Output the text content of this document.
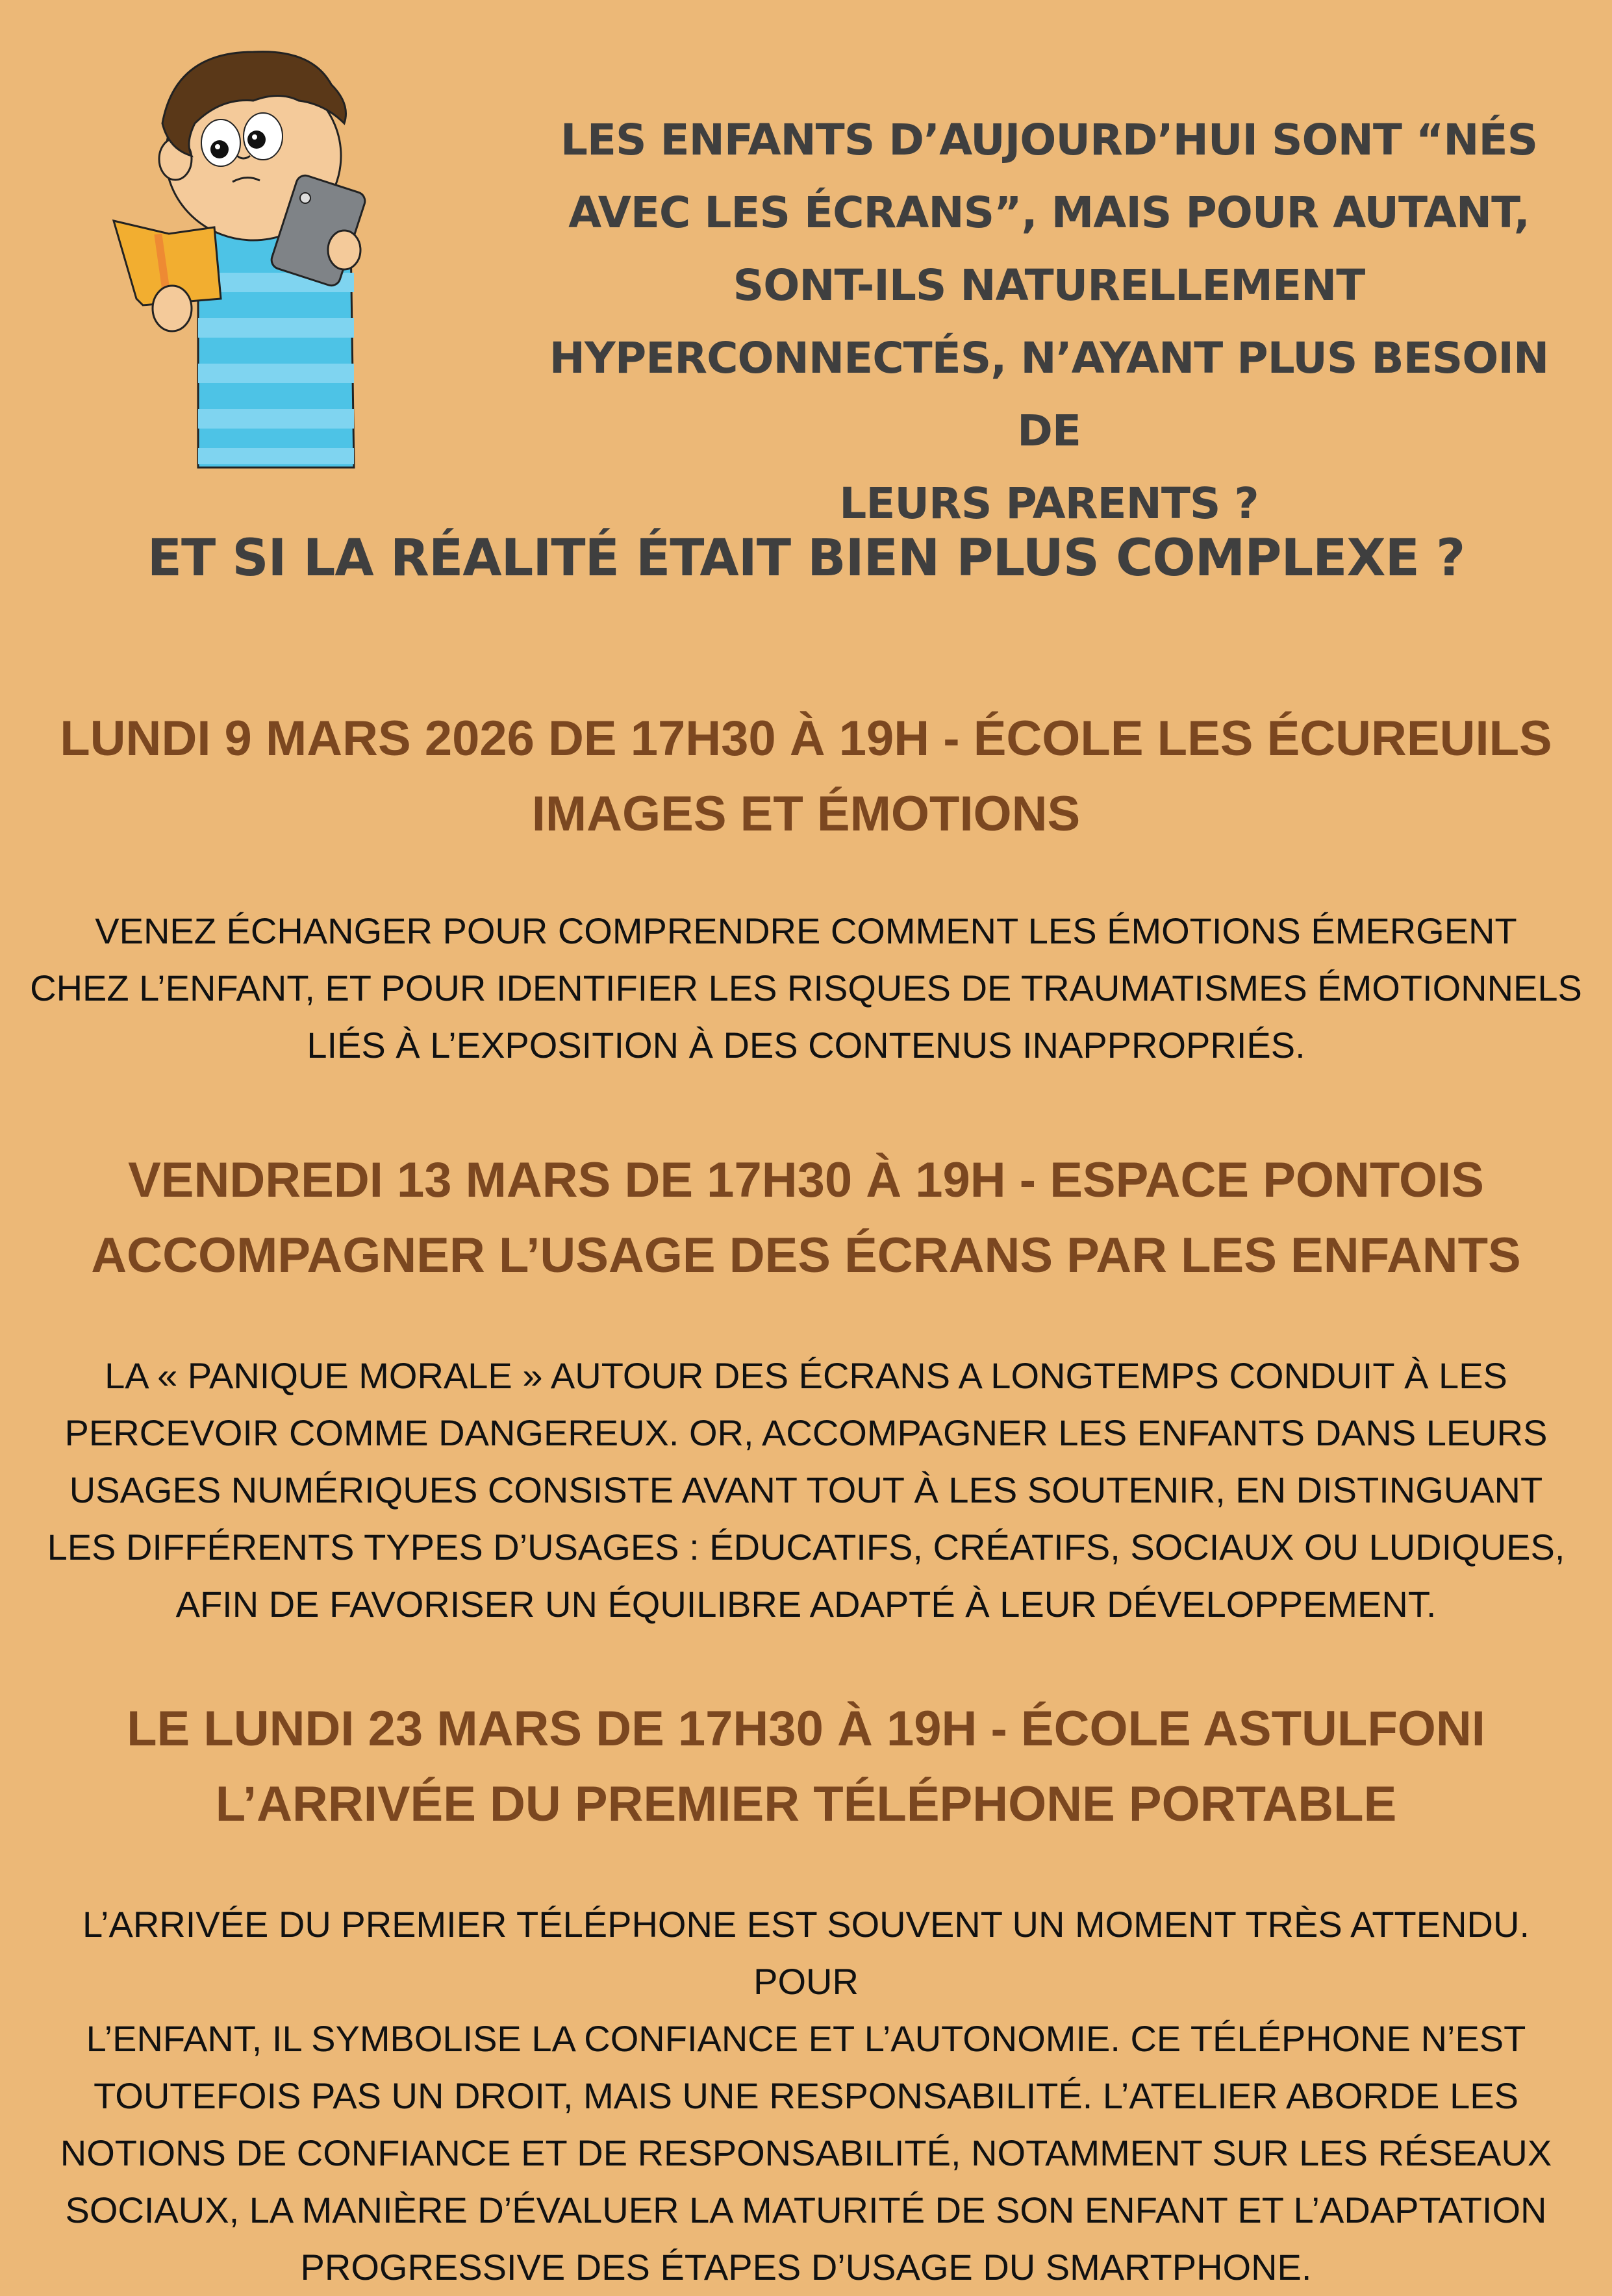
LES ENFANTS D’AUJOURD’HUI SONT “NÉS
AVEC LES ÉCRANS”, MAIS POUR AUTANT,
SONT-ILS NATURELLEMENT
HYPERCONNECTÉS, N’AYANT PLUS BESOIN DE
LEURS PARENTS ?
ET SI LA RÉALITÉ ÉTAIT BIEN PLUS COMPLEXE ?
LUNDI 9 MARS 2026 DE 17H30 À 19H - ÉCOLE LES ÉCUREUILS
IMAGES ET ÉMOTIONS
VENEZ ÉCHANGER POUR COMPRENDRE COMMENT LES ÉMOTIONS ÉMERGENT
CHEZ L’ENFANT, ET POUR IDENTIFIER LES RISQUES DE TRAUMATISMES ÉMOTIONNELS
LIÉS À L’EXPOSITION À DES CONTENUS INAPPROPRIÉS.
VENDREDI 13 MARS DE 17H30 À 19H - ESPACE PONTOIS
ACCOMPAGNER L’USAGE DES ÉCRANS PAR LES ENFANTS
LA « PANIQUE MORALE » AUTOUR DES ÉCRANS A LONGTEMPS CONDUIT À LES
PERCEVOIR COMME DANGEREUX. OR, ACCOMPAGNER LES ENFANTS DANS LEURS
USAGES NUMÉRIQUES CONSISTE AVANT TOUT À LES SOUTENIR, EN DISTINGUANT
LES DIFFÉRENTS TYPES D’USAGES : ÉDUCATIFS, CRÉATIFS, SOCIAUX OU LUDIQUES,
AFIN DE FAVORISER UN ÉQUILIBRE ADAPTÉ À LEUR DÉVELOPPEMENT.
LE LUNDI 23 MARS DE 17H30 À 19H - ÉCOLE ASTULFONI
L’ARRIVÉE DU PREMIER TÉLÉPHONE PORTABLE
L’ARRIVÉE DU PREMIER TÉLÉPHONE EST SOUVENT UN MOMENT TRÈS ATTENDU. POUR
L’ENFANT, IL SYMBOLISE LA CONFIANCE ET L’AUTONOMIE. CE TÉLÉPHONE N’EST
TOUTEFOIS PAS UN DROIT, MAIS UNE RESPONSABILITÉ. L’ATELIER ABORDE LES
NOTIONS DE CONFIANCE ET DE RESPONSABILITÉ, NOTAMMENT SUR LES RÉSEAUX
SOCIAUX, LA MANIÈRE D’ÉVALUER LA MATURITÉ DE SON ENFANT ET L’ADAPTATION
PROGRESSIVE DES ÉTAPES D’USAGE DU SMARTPHONE.
